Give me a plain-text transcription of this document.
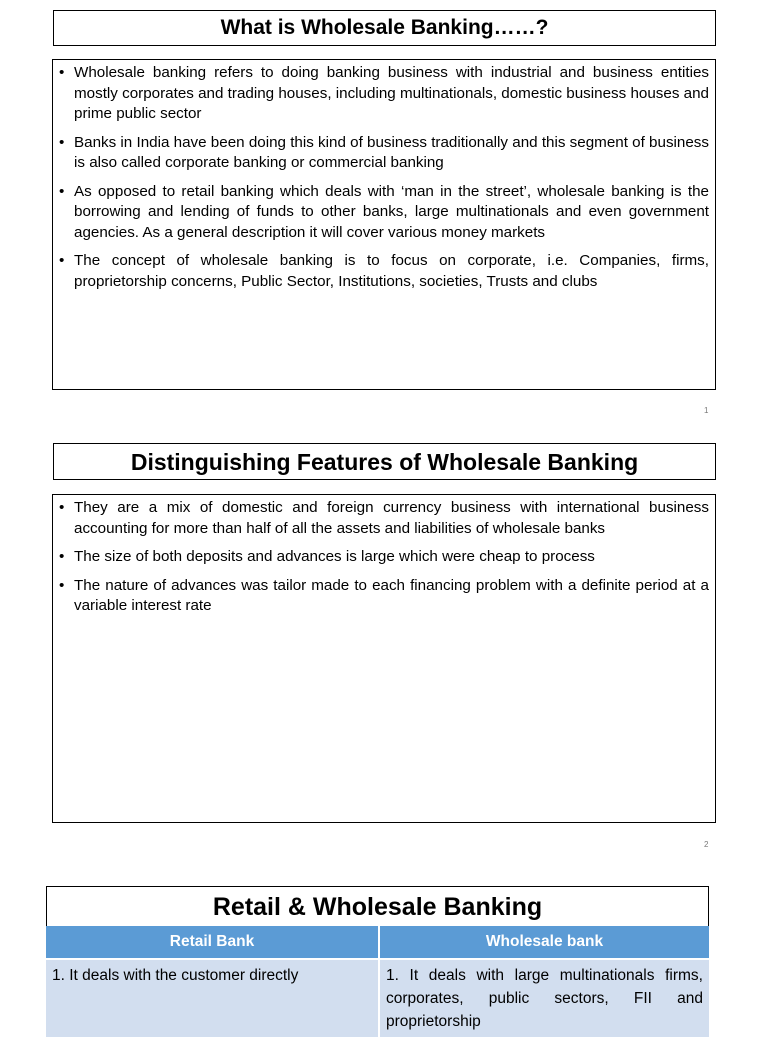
What is Wholesale Banking……?
• Wholesale banking refers to doing banking business with industrial and business entities mostly corporates and trading houses, including multinationals, domestic business houses and prime public sector
• Banks in India have been doing this kind of business traditionally and this segment of business is also called corporate banking or commercial banking
• As opposed to retail banking which deals with ‘man in the street’, wholesale banking is the borrowing and lending of funds to other banks, large multinationals and even government agencies. As a general description it will cover various money markets
• The concept of wholesale banking is to focus on corporate, i.e. Companies, firms, proprietorship concerns, Public Sector, Institutions, societies, Trusts and clubs
1
Distinguishing Features of Wholesale Banking
• They are a mix of domestic and foreign currency business with international business accounting for more than half of all the assets and liabilities of wholesale banks
• The size of both deposits and advances is large which were cheap to process
• The nature of advances was tailor made to each financing problem with a definite period at a variable interest rate
2
Retail & Wholesale Banking
Retail Bank	Wholesale bank
1. It deals with the customer directly	1. It deals with large multinationals firms, corporates, public sectors, FII and proprietorship
